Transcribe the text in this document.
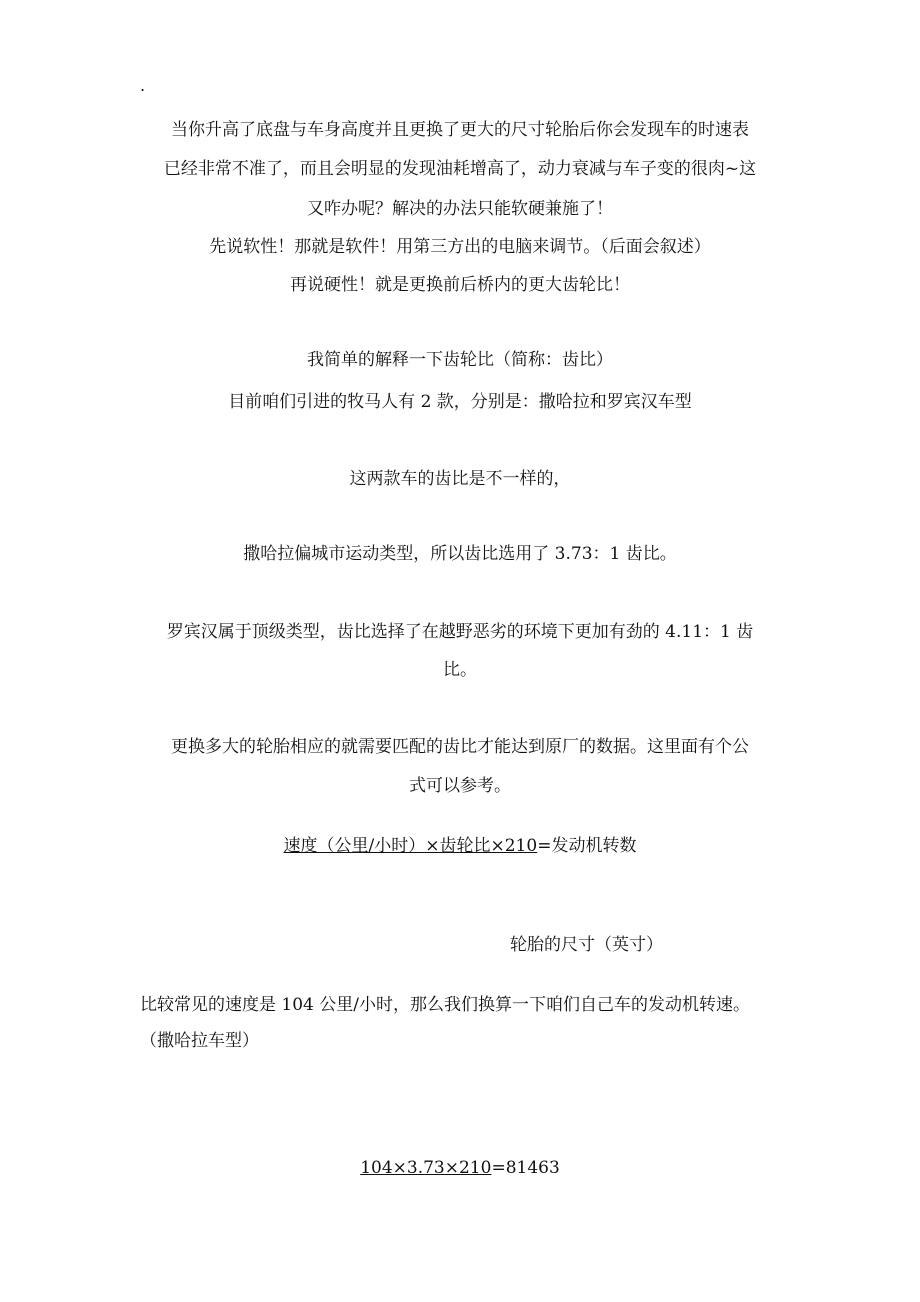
.
当你升高了底盘与车身高度并且更换了更大的尺寸轮胎后你会发现车的时速表
已经非常不准了，而且会明显的发现油耗增高了，动力衰减与车子变的很肉~这
又咋办呢？解决的办法只能软硬兼施了！
先说软性！那就是软件！用第三方出的电脑来调节。（后面会叙述）
再说硬性！就是更换前后桥内的更大齿轮比！
我简单的解释一下齿轮比（简称：齿比）
目前咱们引进的牧马人有 2 款，分别是：撒哈拉和罗宾汉车型
这两款车的齿比是不一样的，
撒哈拉偏城市运动类型，所以齿比选用了 3.73：1 齿比。
罗宾汉属于顶级类型，齿比选择了在越野恶劣的环境下更加有劲的 4.11：1 齿
比。
更换多大的轮胎相应的就需要匹配的齿比才能达到原厂的数据。这里面有个公
式可以参考。
速度（公里/小时）×齿轮比×210=发动机转数
轮胎的尺寸（英寸）
比较常见的速度是 104 公里/小时，那么我们换算一下咱们自己车的发动机转速。
（撒哈拉车型）
104×3.73×210=81463
